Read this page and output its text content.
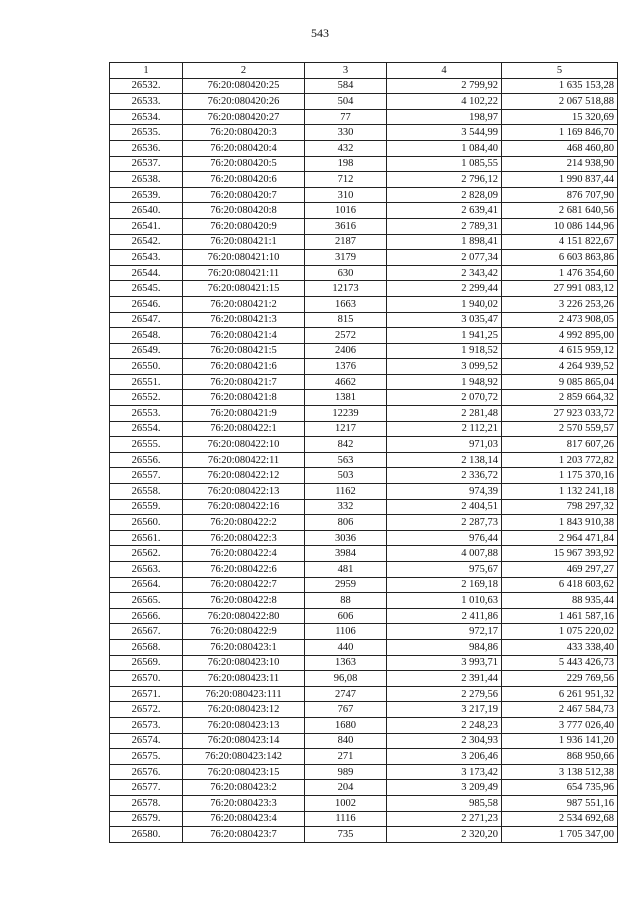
543
1	2	3	4	5
26532.	76:20:080420:25	584	2 799,92	1 635 153,28
26533.	76:20:080420:26	504	4 102,22	2 067 518,88
26534.	76:20:080420:27	77	198,97	15 320,69
26535.	76:20:080420:3	330	3 544,99	1 169 846,70
26536.	76:20:080420:4	432	1 084,40	468 460,80
26537.	76:20:080420:5	198	1 085,55	214 938,90
26538.	76:20:080420:6	712	2 796,12	1 990 837,44
26539.	76:20:080420:7	310	2 828,09	876 707,90
26540.	76:20:080420:8	1016	2 639,41	2 681 640,56
26541.	76:20:080420:9	3616	2 789,31	10 086 144,96
26542.	76:20:080421:1	2187	1 898,41	4 151 822,67
26543.	76:20:080421:10	3179	2 077,34	6 603 863,86
26544.	76:20:080421:11	630	2 343,42	1 476 354,60
26545.	76:20:080421:15	12173	2 299,44	27 991 083,12
26546.	76:20:080421:2	1663	1 940,02	3 226 253,26
26547.	76:20:080421:3	815	3 035,47	2 473 908,05
26548.	76:20:080421:4	2572	1 941,25	4 992 895,00
26549.	76:20:080421:5	2406	1 918,52	4 615 959,12
26550.	76:20:080421:6	1376	3 099,52	4 264 939,52
26551.	76:20:080421:7	4662	1 948,92	9 085 865,04
26552.	76:20:080421:8	1381	2 070,72	2 859 664,32
26553.	76:20:080421:9	12239	2 281,48	27 923 033,72
26554.	76:20:080422:1	1217	2 112,21	2 570 559,57
26555.	76:20:080422:10	842	971,03	817 607,26
26556.	76:20:080422:11	563	2 138,14	1 203 772,82
26557.	76:20:080422:12	503	2 336,72	1 175 370,16
26558.	76:20:080422:13	1162	974,39	1 132 241,18
26559.	76:20:080422:16	332	2 404,51	798 297,32
26560.	76:20:080422:2	806	2 287,73	1 843 910,38
26561.	76:20:080422:3	3036	976,44	2 964 471,84
26562.	76:20:080422:4	3984	4 007,88	15 967 393,92
26563.	76:20:080422:6	481	975,67	469 297,27
26564.	76:20:080422:7	2959	2 169,18	6 418 603,62
26565.	76:20:080422:8	88	1 010,63	88 935,44
26566.	76:20:080422:80	606	2 411,86	1 461 587,16
26567.	76:20:080422:9	1106	972,17	1 075 220,02
26568.	76:20:080423:1	440	984,86	433 338,40
26569.	76:20:080423:10	1363	3 993,71	5 443 426,73
26570.	76:20:080423:11	96,08	2 391,44	229 769,56
26571.	76:20:080423:111	2747	2 279,56	6 261 951,32
26572.	76:20:080423:12	767	3 217,19	2 467 584,73
26573.	76:20:080423:13	1680	2 248,23	3 777 026,40
26574.	76:20:080423:14	840	2 304,93	1 936 141,20
26575.	76:20:080423:142	271	3 206,46	868 950,66
26576.	76:20:080423:15	989	3 173,42	3 138 512,38
26577.	76:20:080423:2	204	3 209,49	654 735,96
26578.	76:20:080423:3	1002	985,58	987 551,16
26579.	76:20:080423:4	1116	2 271,23	2 534 692,68
26580.	76:20:080423:7	735	2 320,20	1 705 347,00
